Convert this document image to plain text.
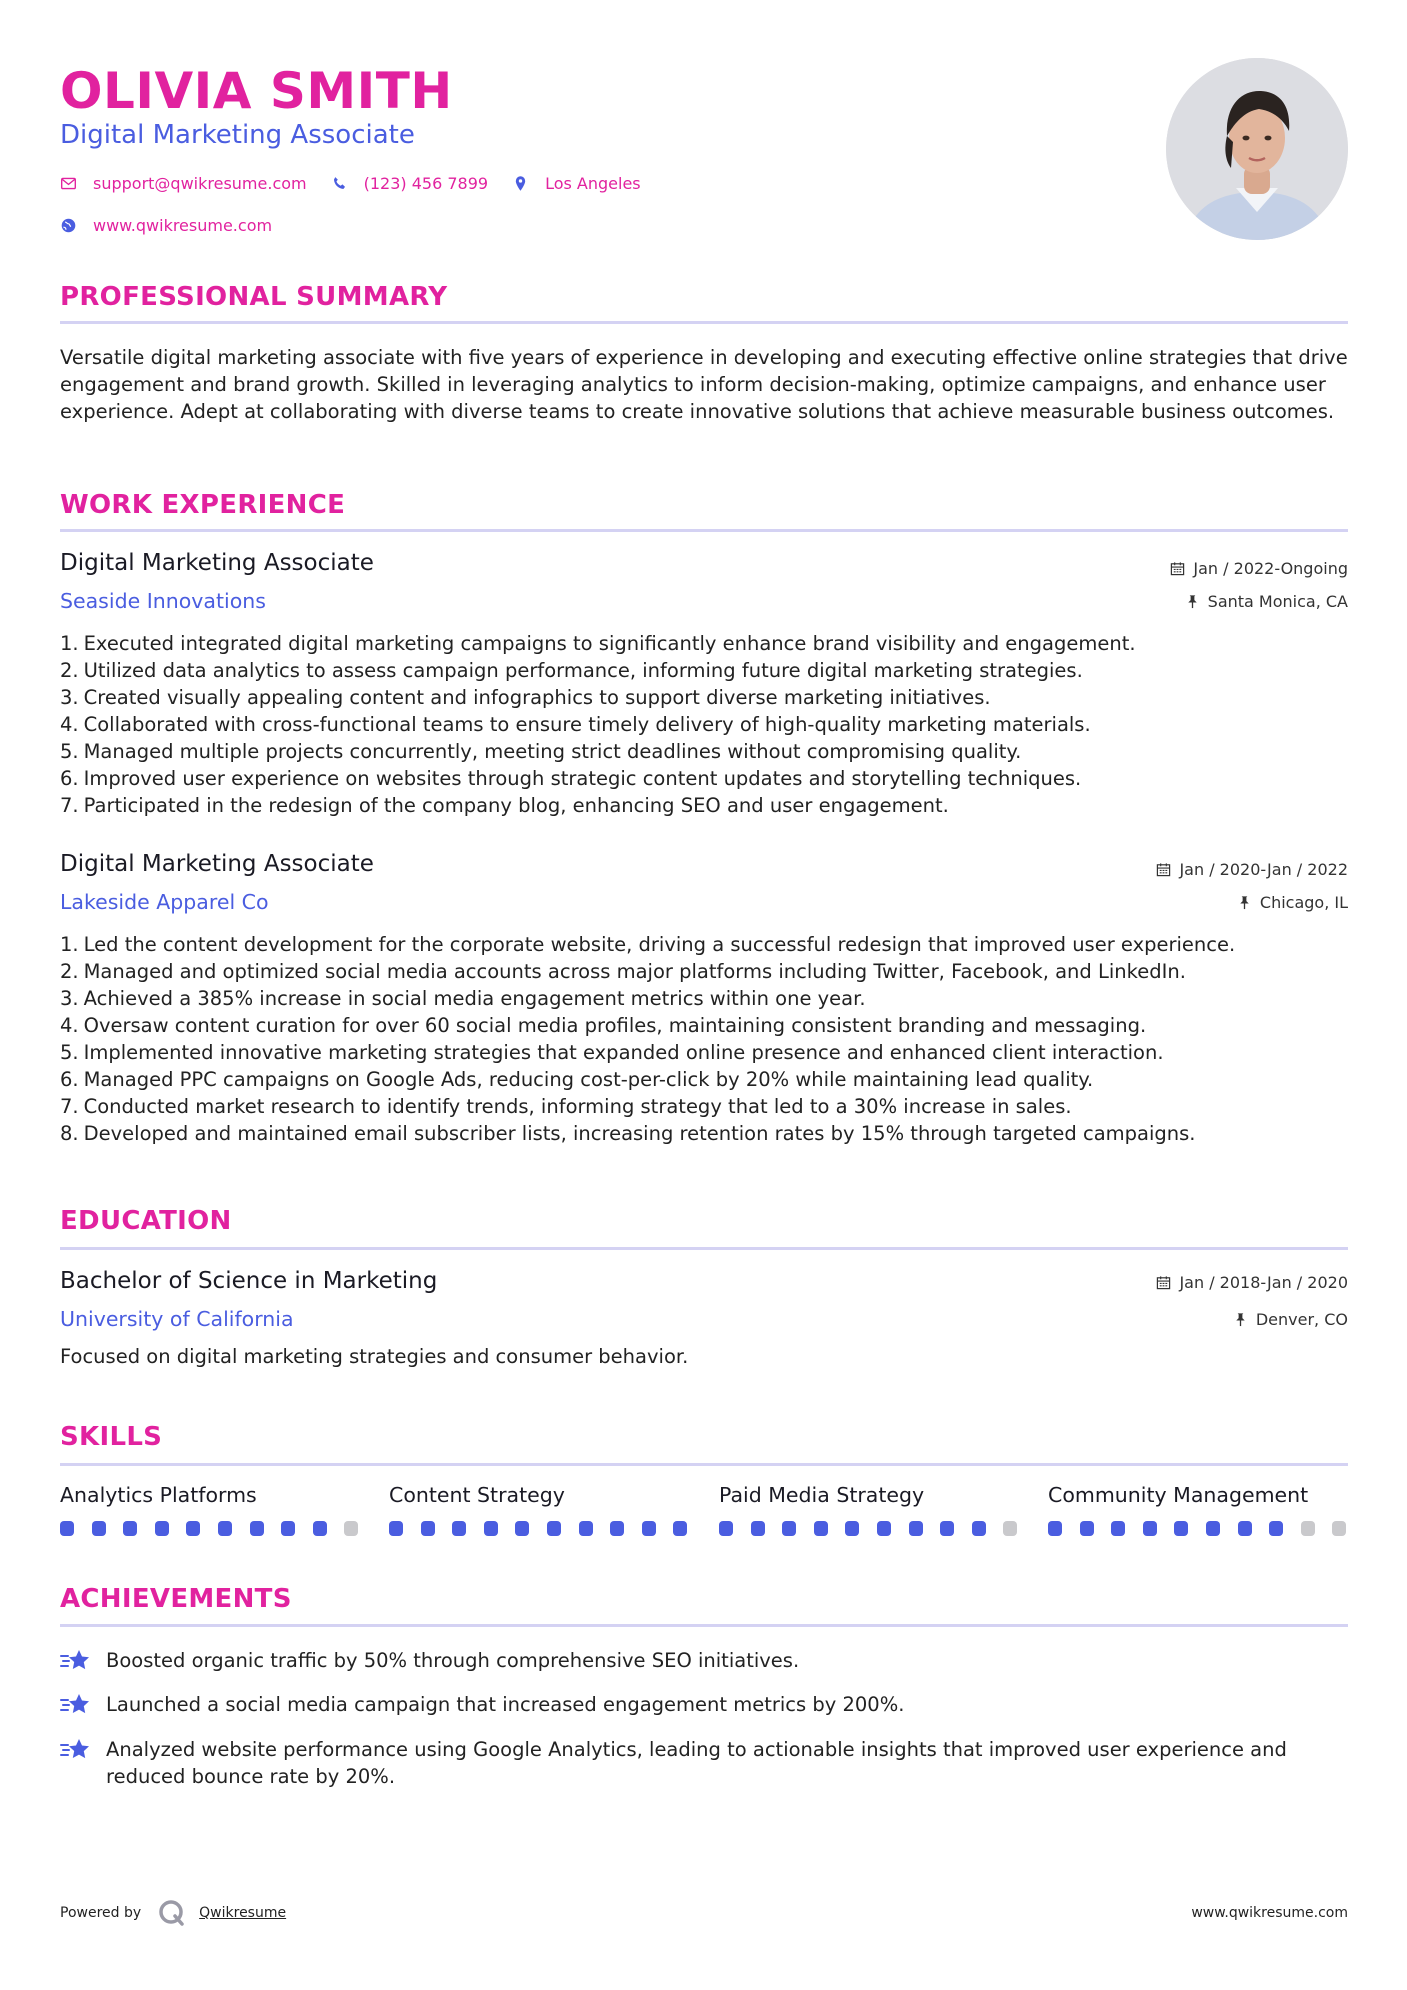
OLIVIA SMITH
Digital Marketing Associate
support@qwikresume.com	(123) 456 7899	Los Angeles
www.qwikresume.com
PROFESSIONAL SUMMARY
Versatile digital marketing associate with five years of experience in developing and executing effective online strategies that drive engagement and brand growth. Skilled in leveraging analytics to inform decision-making, optimize campaigns, and enhance user experience. Adept at collaborating with diverse teams to create innovative solutions that achieve measurable business outcomes.
WORK EXPERIENCE
Digital Marketing Associate	Jan / 2022-Ongoing
Seaside Innovations	Santa Monica, CA
1. Executed integrated digital marketing campaigns to significantly enhance brand visibility and engagement.
2. Utilized data analytics to assess campaign performance, informing future digital marketing strategies.
3. Created visually appealing content and infographics to support diverse marketing initiatives.
4. Collaborated with cross-functional teams to ensure timely delivery of high-quality marketing materials.
5. Managed multiple projects concurrently, meeting strict deadlines without compromising quality.
6. Improved user experience on websites through strategic content updates and storytelling techniques.
7. Participated in the redesign of the company blog, enhancing SEO and user engagement.
Digital Marketing Associate	Jan / 2020-Jan / 2022
Lakeside Apparel Co	Chicago, IL
1. Led the content development for the corporate website, driving a successful redesign that improved user experience.
2. Managed and optimized social media accounts across major platforms including Twitter, Facebook, and LinkedIn.
3. Achieved a 385% increase in social media engagement metrics within one year.
4. Oversaw content curation for over 60 social media profiles, maintaining consistent branding and messaging.
5. Implemented innovative marketing strategies that expanded online presence and enhanced client interaction.
6. Managed PPC campaigns on Google Ads, reducing cost-per-click by 20% while maintaining lead quality.
7. Conducted market research to identify trends, informing strategy that led to a 30% increase in sales.
8. Developed and maintained email subscriber lists, increasing retention rates by 15% through targeted campaigns.
EDUCATION
Bachelor of Science in Marketing	Jan / 2018-Jan / 2020
University of California	Denver, CO
Focused on digital marketing strategies and consumer behavior.
SKILLS
Analytics Platforms	Content Strategy	Paid Media Strategy	Community Management
ACHIEVEMENTS
Boosted organic traffic by 50% through comprehensive SEO initiatives.
Launched a social media campaign that increased engagement metrics by 200%.
Analyzed website performance using Google Analytics, leading to actionable insights that improved user experience and reduced bounce rate by 20%.
Powered by	Qwikresume	www.qwikresume.com
